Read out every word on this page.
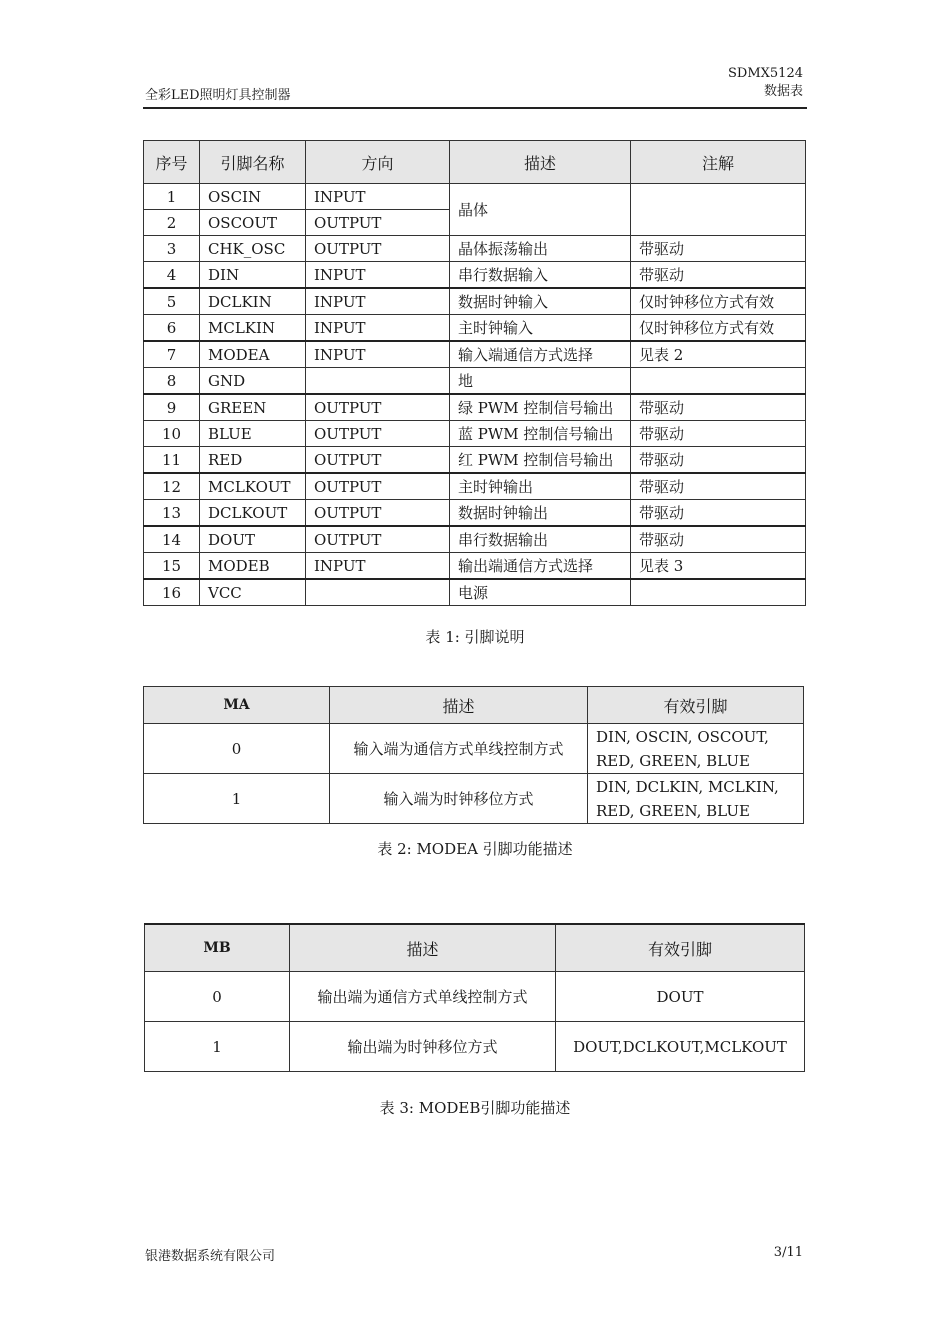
全彩LED照明灯具控制器
SDMX5124
数据表
序号	引脚名称	方向	描述	注解
1	OSCIN	INPUT	晶体	
2	OSCOUT	OUTPUT		
3	CHK_OSC	OUTPUT	晶体振荡输出	带驱动
4	DIN	INPUT	串行数据输入	带驱动
5	DCLKIN	INPUT	数据时钟输入	仅时钟移位方式有效
6	MCLKIN	INPUT	主时钟输入	仅时钟移位方式有效
7	MODEA	INPUT	输入端通信方式选择	见表 2
8	GND		地	
9	GREEN	OUTPUT	绿 PWM 控制信号输出	带驱动
10	BLUE	OUTPUT	蓝 PWM 控制信号输出	带驱动
11	RED	OUTPUT	红 PWM 控制信号输出	带驱动
12	MCLKOUT	OUTPUT	主时钟输出	带驱动
13	DCLKOUT	OUTPUT	数据时钟输出	带驱动
14	DOUT	OUTPUT	串行数据输出	带驱动
15	MODEB	INPUT	输出端通信方式选择	见表 3
16	VCC		电源	
表 1: 引脚说明
MA	描述	有效引脚
0	输入端为通信方式单线控制方式	DIN, OSCIN, OSCOUT,
RED, GREEN, BLUE

1	输入端为时钟移位方式	DIN, DCLKIN, MCLKIN,
RED, GREEN, BLUE
表 2: MODEA 引脚功能描述
MB	描述	有效引脚
0	输出端为通信方式单线控制方式	DOUT
1	输出端为时钟移位方式	DOUT,DCLKOUT,MCLKOUT
表 3: MODEB引脚功能描述
银港数据系统有限公司	3/11
